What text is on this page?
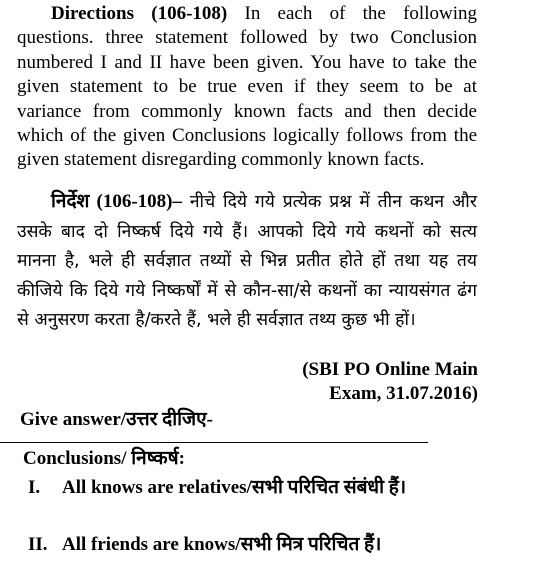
Directions (106-108) In each of the following questions. three statement followed by two Conclusion numbered I and II have been given. You have to take the given statement to be true even if they seem to be at variance from commonly known facts and then decide which of the given Conclusions logically follows from the given statement disregarding commonly known facts.

निर्देश (106-108)– नीचे दिये गये प्रत्येक प्रश्न में तीन कथन और उसके बाद दो निष्कर्ष दिये गये हैं। आपको दिये गये कथनों को सत्य मानना है, भले ही सर्वज्ञात तथ्यों से भिन्न प्रतीत होते हों तथा यह तय कीजिये कि दिये गये निष्कर्षों में से कौन-सा/से कथनों का न्यायसंगत ढंग से अनुसरण करता है/करते हैं, भले ही सर्वज्ञात तथ्य कुछ भी हों।

(SBI PO Online Main
Exam, 31.07.2016)
Give answer/उत्तर दीजिए-
Conclusions/ निष्कर्ष:
I. All knows are relatives/सभी परिचित संबंधी हैं।
II. All friends are knows/सभी मित्र परिचित हैं।
